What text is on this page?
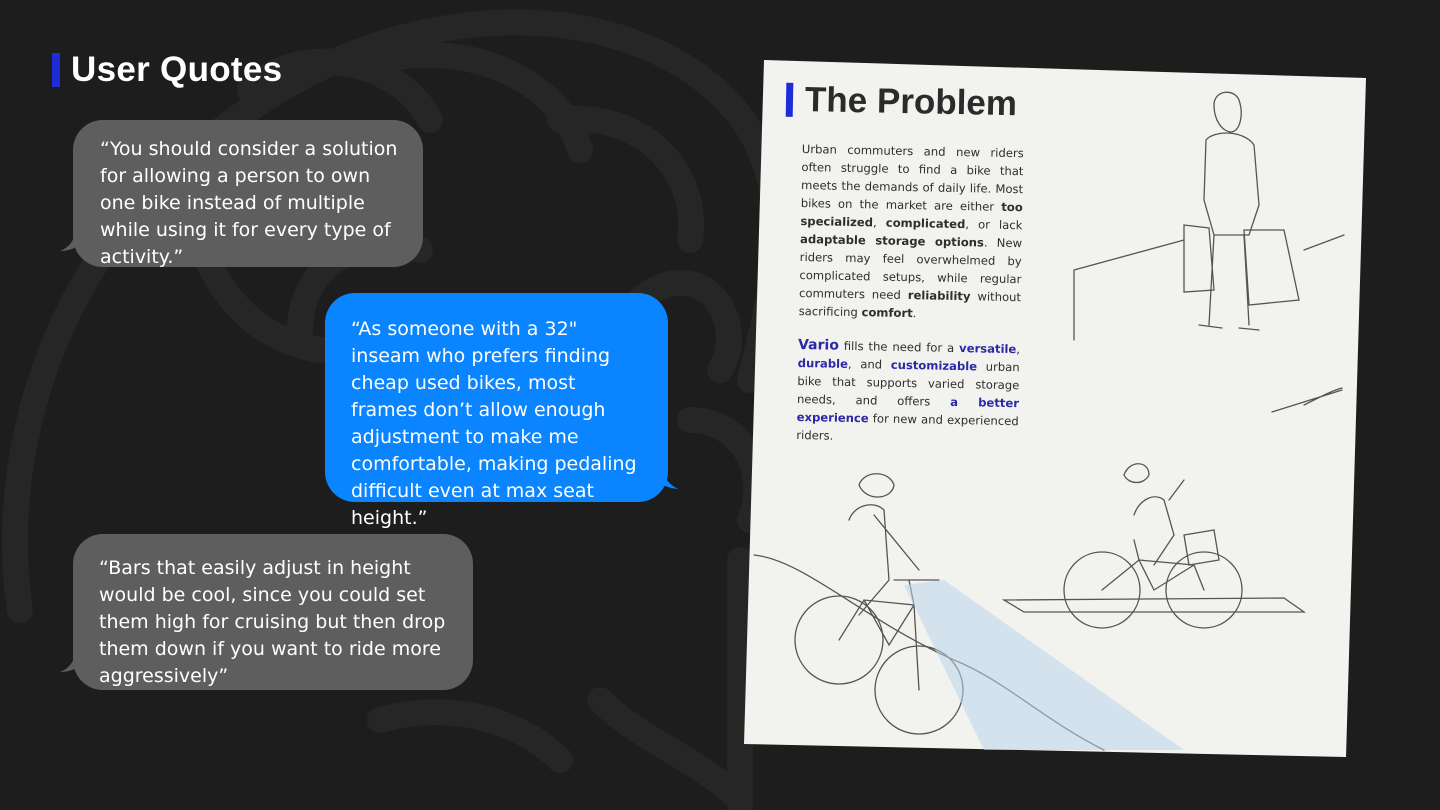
User Quotes
“You should consider a solution for allowing a person to own one bike instead of multiple while using it for every type of activity.”
“As someone with a 32" inseam who prefers finding cheap used bikes, most frames don’t allow enough adjustment to make me comfortable, making pedaling difficult even at max seat height.”
“Bars that easily adjust in height would be cool, since you could set them high for cruising but then drop them down if you want to ride more aggressively”
The Problem

Urban commuters and new riders often struggle to find a bike that meets the demands of daily life. Most bikes on the market are either too specialized, complicated, or lack adaptable storage options. New riders may feel overwhelmed by complicated setups, while regular commuters need reliability without sacrificing comfort.

Vario fills the need for a versatile, durable, and customizable urban bike that supports varied storage needs, and offers a better experience for new and experienced riders.
